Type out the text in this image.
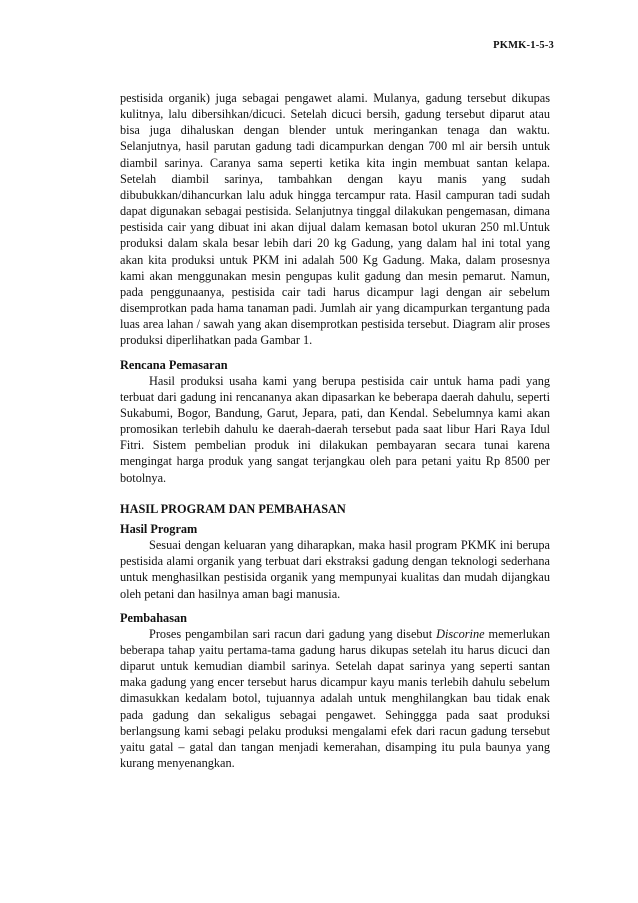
PKMK-1-5-3

pestisida organik) juga sebagai pengawet alami. Mulanya, gadung tersebut dikupas kulitnya, lalu dibersihkan/dicuci. Setelah dicuci bersih, gadung tersebut diparut atau bisa juga dihaluskan dengan blender untuk meringankan tenaga dan waktu. Selanjutnya, hasil parutan gadung tadi dicampurkan dengan 700 ml air bersih untuk diambil sarinya. Caranya sama seperti ketika kita ingin membuat santan kelapa. Setelah diambil sarinya, tambahkan dengan kayu manis yang sudah dibubukkan/dihancurkan lalu aduk hingga tercampur rata. Hasil campuran tadi sudah dapat digunakan sebagai pestisida. Selanjutnya tinggal dilakukan pengemasan, dimana pestisida cair yang dibuat ini akan dijual dalam kemasan botol ukuran 250 ml.Untuk produksi dalam skala besar lebih dari 20 kg Gadung, yang dalam hal ini total yang akan kita produksi untuk PKM ini adalah 500 Kg Gadung. Maka, dalam prosesnya kami akan menggunakan mesin pengupas kulit gadung dan mesin pemarut. Namun, pada penggunaanya, pestisida cair tadi harus dicampur lagi dengan air sebelum disemprotkan pada hama tanaman padi. Jumlah air yang dicampurkan tergantung pada luas area lahan / sawah yang akan disemprotkan pestisida tersebut. Diagram alir proses produksi diperlihatkan pada Gambar 1.

Rencana Pemasaran

Hasil produksi usaha kami yang berupa pestisida cair untuk hama padi yang terbuat dari gadung ini rencananya akan dipasarkan ke beberapa daerah dahulu, seperti Sukabumi, Bogor, Bandung, Garut, Jepara, pati, dan Kendal. Sebelumnya kami akan promosikan terlebih dahulu ke daerah-daerah tersebut pada saat libur Hari Raya Idul Fitri. Sistem pembelian produk ini dilakukan pembayaran secara tunai karena mengingat harga produk yang sangat terjangkau oleh para petani yaitu Rp 8500 per botolnya.

HASIL PROGRAM DAN PEMBAHASAN
Hasil Program

Sesuai dengan keluaran yang diharapkan, maka hasil program PKMK ini berupa pestisida alami organik yang terbuat dari ekstraksi gadung dengan teknologi sederhana untuk menghasilkan pestisida organik yang mempunyai kualitas dan mudah dijangkau oleh petani dan hasilnya aman bagi manusia.

Pembahasan

Proses pengambilan sari racun dari gadung yang disebut Discorine memerlukan beberapa tahap yaitu pertama-tama gadung harus dikupas setelah itu harus dicuci dan diparut untuk kemudian diambil sarinya. Setelah dapat sarinya yang seperti santan maka gadung yang encer tersebut harus dicampur kayu manis terlebih dahulu sebelum dimasukkan kedalam botol, tujuannya adalah untuk menghilangkan bau tidak enak pada gadung dan sekaligus sebagai pengawet. Sehinggga pada saat produksi berlangsung kami sebagi pelaku produksi mengalami efek dari racun gadung tersebut yaitu gatal – gatal dan tangan menjadi kemerahan, disamping itu pula baunya yang kurang menyenangkan.
